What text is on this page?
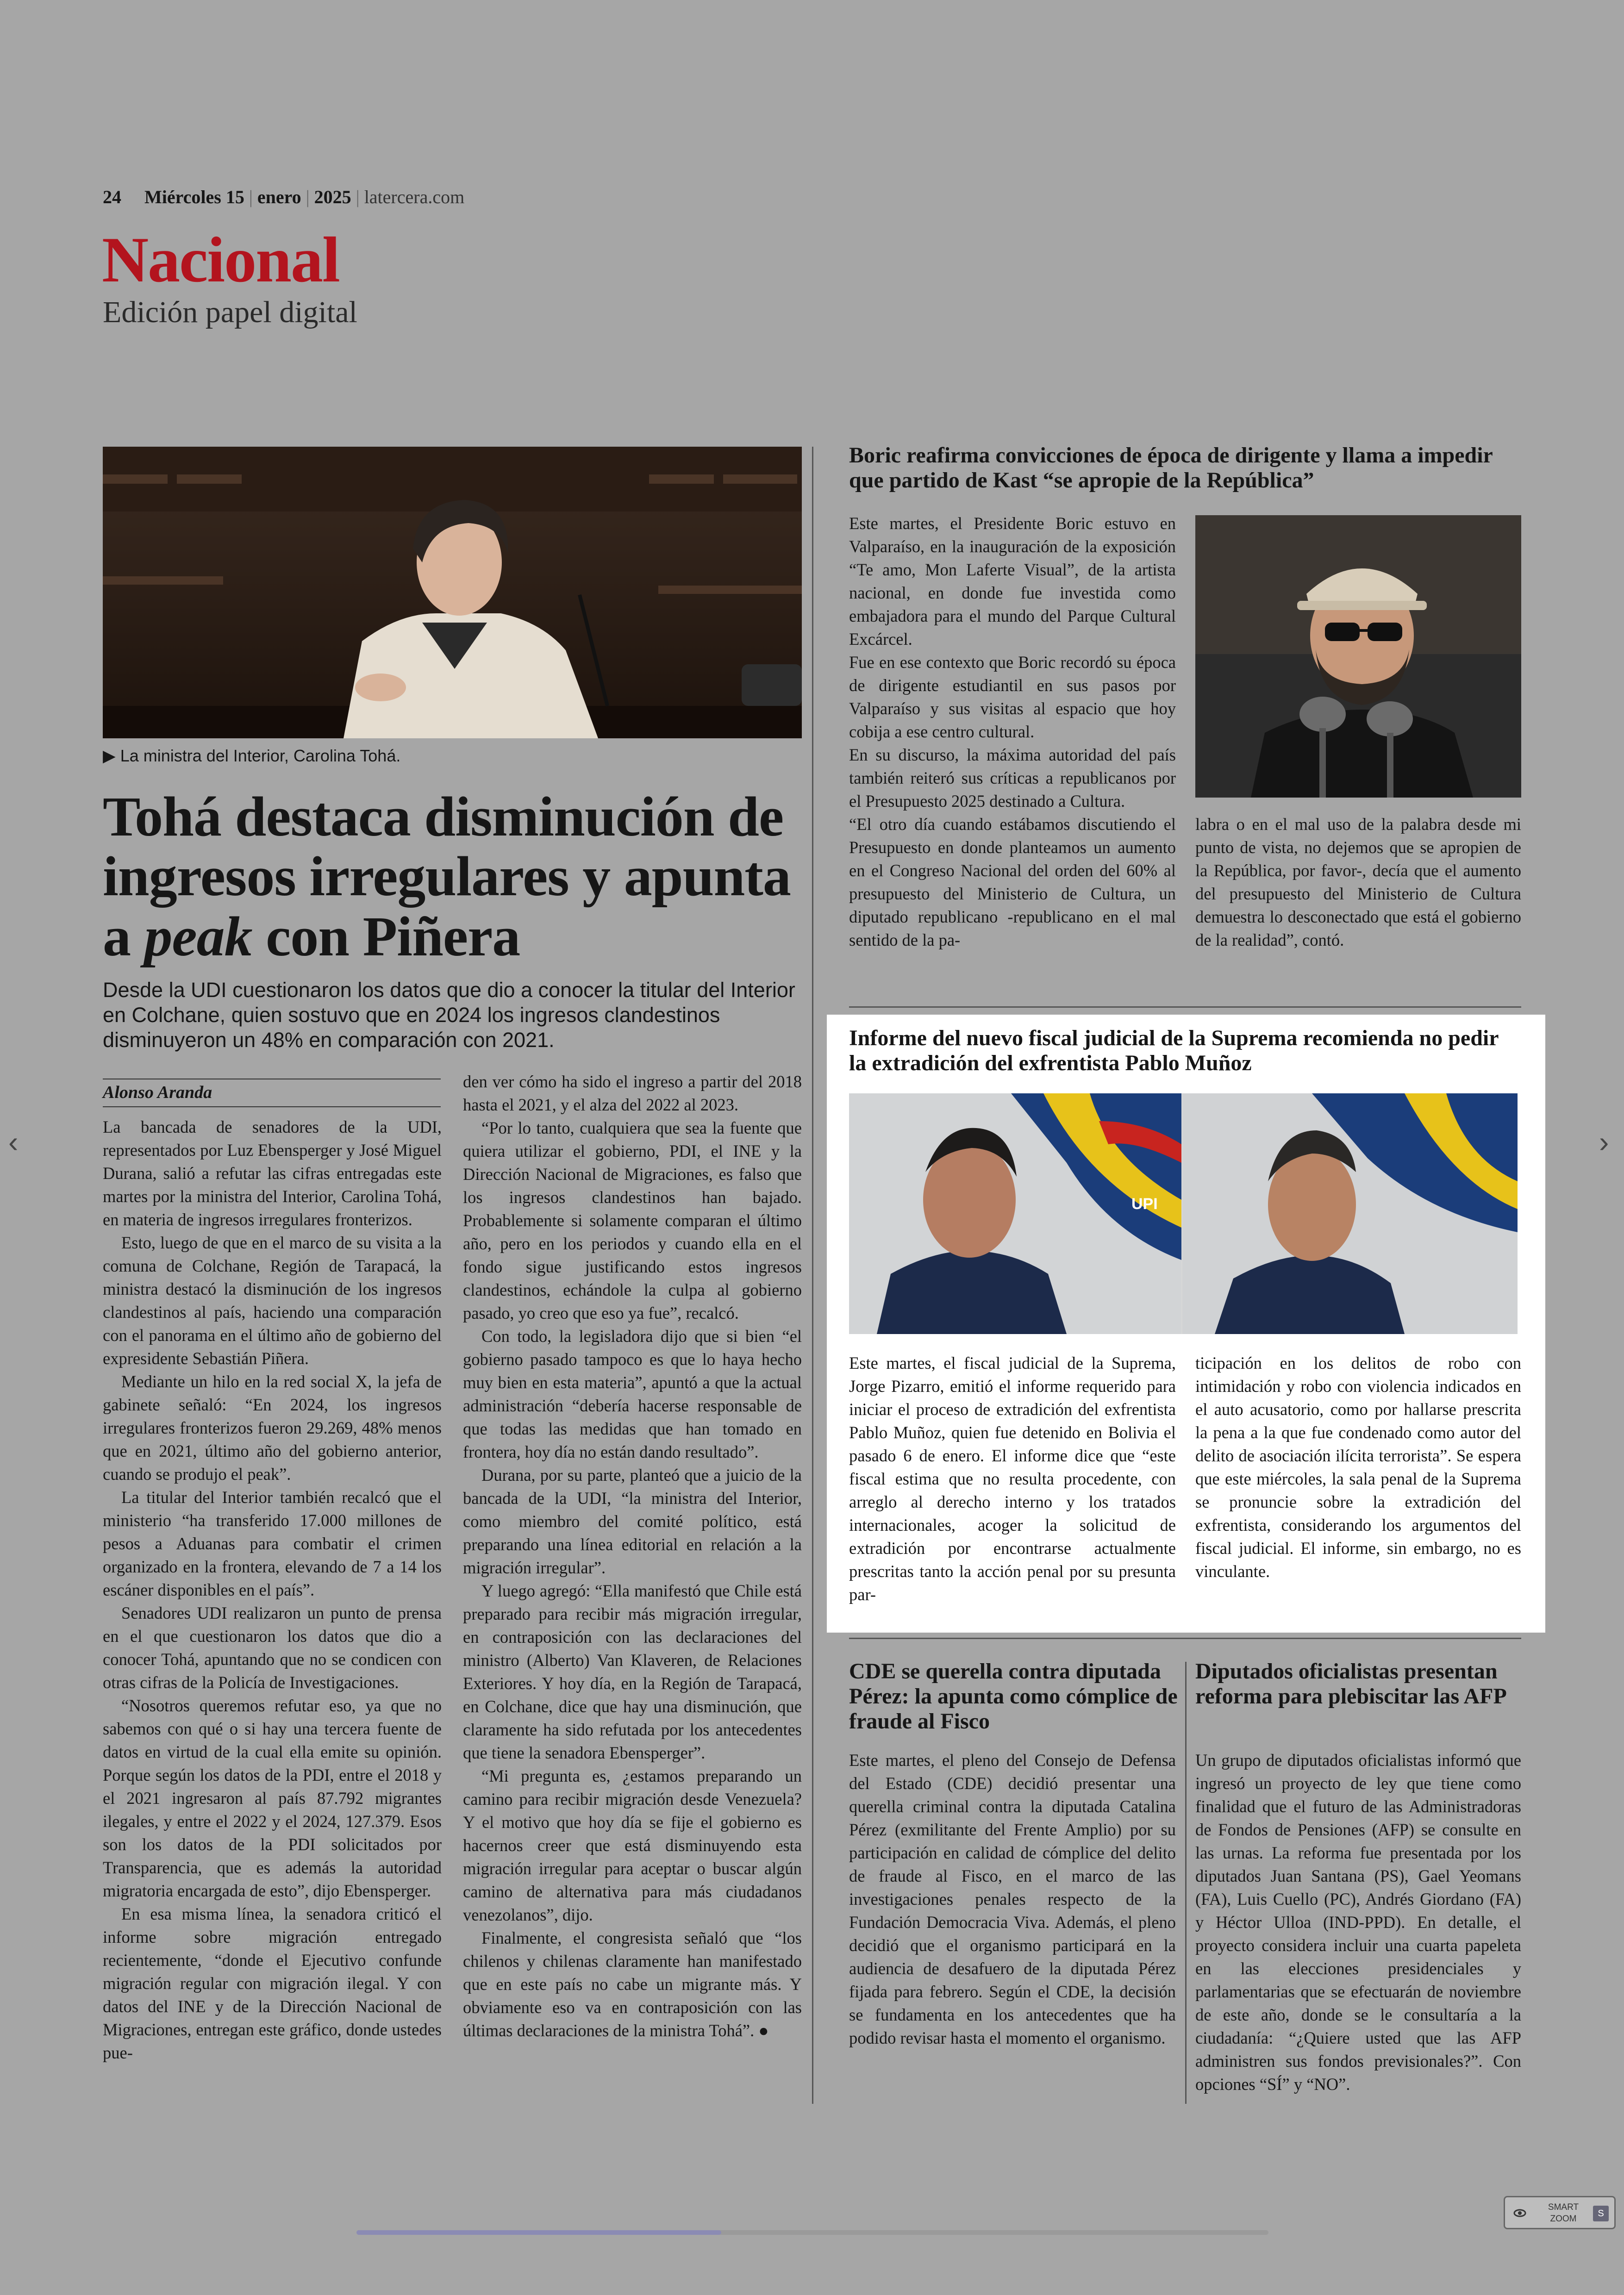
24 Miércoles 15 | enero | 2025 | latercera.com
Nacional
Edición papel digital
▶ La ministra del Interior, Carolina Tohá.
Tohá destaca disminución de ingresos irregulares y apunta a peak con Piñera
Desde la UDI cuestionaron los datos que dio a conocer la titular del Interior en Colchane, quien sostuvo que en 2024 los ingresos clandestinos disminuyeron un 48% en comparación con 2021.
Alonso Aranda

La bancada de senadores de la UDI, representados por Luz Ebensperger y José Miguel Durana, salió a refutar las cifras entregadas este martes por la ministra del Interior, Carolina Tohá, en materia de ingresos irregulares fronterizos.

Esto, luego de que en el marco de su visita a la comuna de Colchane, Región de Tarapacá, la ministra destacó la disminución de los ingresos clandestinos al país, haciendo una comparación con el panorama en el último año de gobierno del expresidente Sebastián Piñera.

Mediante un hilo en la red social X, la jefa de gabinete señaló: “En 2024, los ingresos irregulares fronterizos fueron 29.269, 48% menos que en 2021, último año del gobierno anterior, cuando se produjo el peak”.

La titular del Interior también recalcó que el ministerio “ha transferido 17.000 millones de pesos a Aduanas para combatir el crimen organizado en la frontera, elevando de 7 a 14 los escáner disponibles en el país”.

Senadores UDI realizaron un punto de prensa en el que cuestionaron los datos que dio a conocer Tohá, apuntando que no se condicen con otras cifras de la Policía de Investigaciones.

“Nosotros queremos refutar eso, ya que no sabemos con qué o si hay una tercera fuente de datos en virtud de la cual ella emite su opinión. Porque según los datos de la PDI, entre el 2018 y el 2021 ingresaron al país 87.792 migrantes ilegales, y entre el 2022 y el 2024, 127.379. Esos son los datos de la PDI solicitados por Transparencia, que es además la autoridad migratoria encargada de esto”, dijo Ebensperger.

En esa misma línea, la senadora criticó el informe sobre migración entregado recientemente, “donde el Ejecutivo confunde migración regular con migración ilegal. Y con datos del INE y de la Dirección Nacional de Migraciones, entregan este gráfico, donde ustedes pue-

den ver cómo ha sido el ingreso a partir del 2018 hasta el 2021, y el alza del 2022 al 2023.

“Por lo tanto, cualquiera que sea la fuente que quiera utilizar el gobierno, PDI, el INE y la Dirección Nacional de Migraciones, es falso que los ingresos clandestinos han bajado. Probablemente si solamente comparan el último año, pero en los periodos y cuando ella en el fondo sigue justificando estos ingresos clandestinos, echándole la culpa al gobierno pasado, yo creo que eso ya fue”, recalcó.

Con todo, la legisladora dijo que si bien “el gobierno pasado tampoco es que lo haya hecho muy bien en esta materia”, apuntó a que la actual administración “debería hacerse responsable de que todas las medidas que han tomado en frontera, hoy día no están dando resultado”.

Durana, por su parte, planteó que a juicio de la bancada de la UDI, “la ministra del Interior, como miembro del comité político, está preparando una línea editorial en relación a la migración irregular”.

Y luego agregó: “Ella manifestó que Chile está preparado para recibir más migración irregular, en contraposición con las declaraciones del ministro (Alberto) Van Klaveren, de Relaciones Exteriores. Y hoy día, en la Región de Tarapacá, en Colchane, dice que hay una disminución, que claramente ha sido refutada por los antecedentes que tiene la senadora Ebensperger”.

“Mi pregunta es, ¿estamos preparando un camino para recibir migración desde Venezuela? Y el motivo que hoy día se fije el gobierno es hacernos creer que está disminuyendo esta migración irregular para aceptar o buscar algún camino de alternativa para más ciudadanos venezolanos”, dijo.

Finalmente, el congresista señaló que “los chilenos y chilenas claramente han manifestado que en este país no cabe un migrante más. Y obviamente eso va en contraposición con las últimas declaraciones de la ministra Tohá”. ●

Boric reafirma convicciones de época de dirigente y llama a impedir que partido de Kast “se apropie de la República”

Este martes, el Presidente Boric estuvo en Valparaíso, en la inauguración de la exposición “Te amo, Mon Laferte Visual”, de la artista nacional, en donde fue investida como embajadora para el mundo del Parque Cultural Excárcel.

Fue en ese contexto que Boric recordó su época de dirigente estudiantil en sus pasos por Valparaíso y sus visitas al espacio que hoy cobija a ese centro cultural.

En su discurso, la máxima autoridad del país también reiteró sus críticas a republicanos por el Presupuesto 2025 destinado a Cultura.

“El otro día cuando estábamos discutiendo el Presupuesto en donde planteamos un aumento en el Congreso Nacional del orden del 60% al presupuesto del Ministerio de Cultura, un diputado republicano -republicano en el mal sentido de la pa-

labra o en el mal uso de la palabra desde mi punto de vista, no dejemos que se apropien de la República, por favor-, decía que el aumento del presupuesto del Ministerio de Cultura demuestra lo desconectado que está el gobierno de la realidad”, contó.
Informe del nuevo fiscal judicial de la Suprema recomienda no pedir la extradición del exfrentista Pablo Muñoz
UPI
Este martes, el fiscal judicial de la Suprema, Jorge Pizarro, emitió el informe requerido para iniciar el proceso de extradición del exfrentista Pablo Muñoz, quien fue detenido en Bolivia el pasado 6 de enero. El informe dice que “este fiscal estima que no resulta procedente, con arreglo al derecho interno y los tratados internacionales, acoger la solicitud de extradición por encontrarse actualmente prescritas tanto la acción penal por su presunta par-
ticipación en los delitos de robo con intimidación y robo con violencia indicados en el auto acusatorio, como por hallarse prescrita la pena a la que fue condenado como autor del delito de asociación ilícita terrorista”. Se espera que este miércoles, la sala penal de la Suprema se pronuncie sobre la extradición del exfrentista, considerando los argumentos del fiscal judicial. El informe, sin embargo, no es vinculante.
CDE se querella contra diputada Pérez: la apunta como cómplice de fraude al Fisco
Este martes, el pleno del Consejo de Defensa del Estado (CDE) decidió presentar una querella criminal contra la diputada Catalina Pérez (exmilitante del Frente Amplio) por su participación en calidad de cómplice del delito de fraude al Fisco, en el marco de las investigaciones penales respecto de la Fundación Democracia Viva. Además, el pleno decidió que el organismo participará en la audiencia de desafuero de la diputada Pérez fijada para febrero. Según el CDE, la decisión se fundamenta en los antecedentes que ha podido revisar hasta el momento el organismo.
Diputados oficialistas presentan reforma para plebiscitar las AFP
Un grupo de diputados oficialistas informó que ingresó un proyecto de ley que tiene como finalidad que el futuro de las Administradoras de Fondos de Pensiones (AFP) se consulte en las urnas. La reforma fue presentada por los diputados Juan Santana (PS), Gael Yeomans (FA), Luis Cuello (PC), Andrés Giordano (FA) y Héctor Ulloa (IND-PPD). En detalle, el proyecto considera incluir una cuarta papeleta en las elecciones presidenciales y parlamentarias que se efectuarán de noviembre de este año, donde se le consultaría a la ciudadanía: “¿Quiere usted que las AFP administren sus fondos previsionales?”. Con opciones “SÍ” y “NO”.
‹	›
SMART
ZOOM
S
